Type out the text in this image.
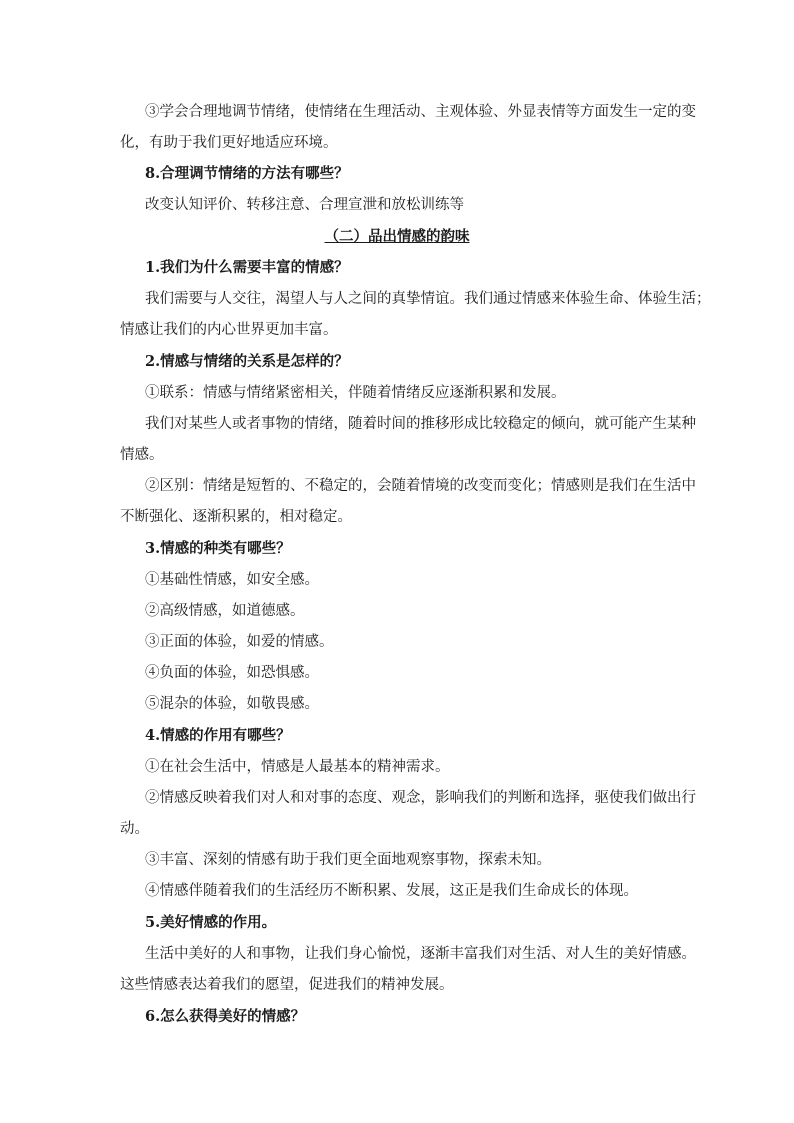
③学会合理地调节情绪，使情绪在生理活动、主观体验、外显表情等方面发生一定的变
化，有助于我们更好地适应环境。
8.合理调节情绪的方法有哪些？
改变认知评价、转移注意、合理宣泄和放松训练等
（二）品出情感的韵味
1.我们为什么需要丰富的情感？
我们需要与人交往，渴望人与人之间的真挚情谊。我们通过情感来体验生命、体验生活；
情感让我们的内心世界更加丰富。
2.情感与情绪的关系是怎样的？
①联系：情感与情绪紧密相关，伴随着情绪反应逐渐积累和发展。
我们对某些人或者事物的情绪，随着时间的推移形成比较稳定的倾向，就可能产生某种
情感。
②区别：情绪是短暂的、不稳定的，会随着情境的改变而变化；情感则是我们在生活中
不断强化、逐渐积累的，相对稳定。
3.情感的种类有哪些？
①基础性情感，如安全感。
②高级情感，如道德感。
③正面的体验，如爱的情感。
④负面的体验，如恐惧感。
⑤混杂的体验，如敬畏感。
4.情感的作用有哪些？
①在社会生活中，情感是人最基本的精神需求。
②情感反映着我们对人和对事的态度、观念，影响我们的判断和选择，驱使我们做出行
动。
③丰富、深刻的情感有助于我们更全面地观察事物，探索未知。
④情感伴随着我们的生活经历不断积累、发展，这正是我们生命成长的体现。
5.美好情感的作用。
生活中美好的人和事物，让我们身心愉悦，逐渐丰富我们对生活、对人生的美好情感。
这些情感表达着我们的愿望，促进我们的精神发展。
6.怎么获得美好的情感？
